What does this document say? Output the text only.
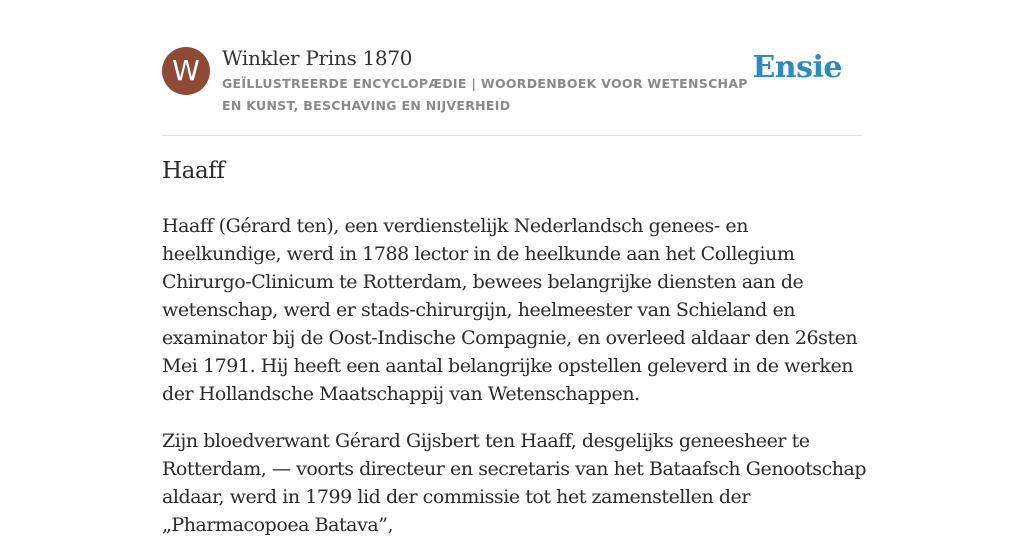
W	Winkler Prins 1870
GEÏLLUSTREERDE ENCYCLOPÆDIE | WOORDENBOEK VOOR WETENSCHAP EN KUNST, BESCHAVING EN NIJVERHEID
Ensie
Haaff

Haaff (Gérard ten), een verdienstelijk Nederlandsch genees- en heelkundige, werd in 1788 lector in de heelkunde aan het Collegium Chirurgo-Clinicum te Rotterdam, bewees belangrijke diensten aan de wetenschap, werd er stads-chirurgijn, heelmeester van Schieland en examinator bij de Oost-Indische Compagnie, en overleed aldaar den 26sten Mei 1791. Hij heeft een aantal belangrijke opstellen geleverd in de werken der Hollandsche Maatschappij van Wetenschappen.

Zijn bloedverwant Gérard Gijsbert ten Haaff, desgelijks geneesheer te Rotterdam, — voorts directeur en secretaris van het Bataafsch Genootschap aldaar, werd in 1799 lid der commissie tot het zamenstellen der „Pharmacopoea Batava”,
